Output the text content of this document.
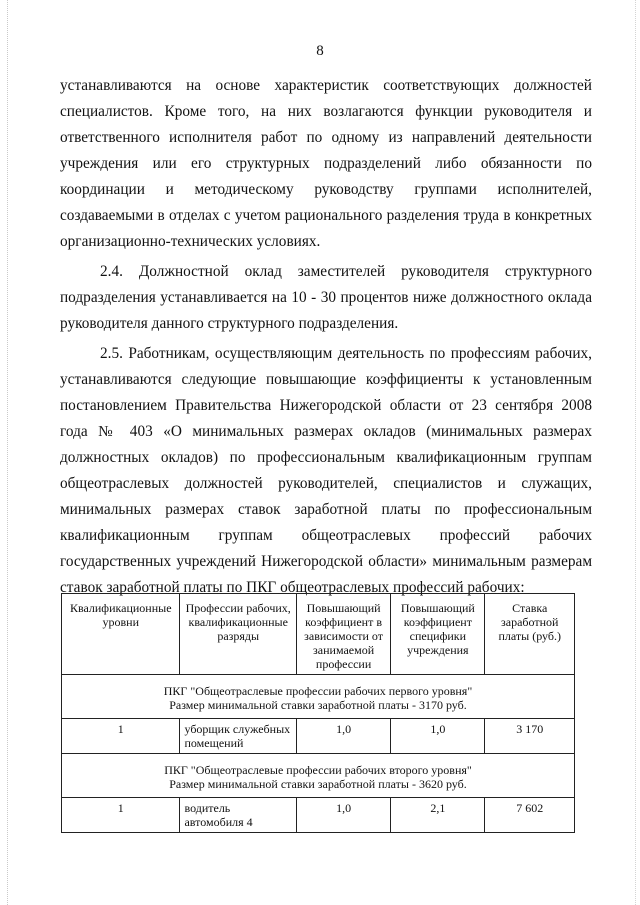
8

устанавливаются на основе характеристик соответствующих должностей специалистов. Кроме того, на них возлагаются функции руководителя и ответственного исполнителя работ по одному из направлений деятельности учреждения или его структурных подразделений либо обязанности по координации и методическому руководству группами исполнителей, создаваемыми в отделах с учетом рационального разделения труда в конкретных организационно-технических условиях.

2.4. Должностной оклад заместителей руководителя структурного подразделения устанавливается на 10 - 30 процентов ниже должностного оклада руководителя данного структурного подразделения.

2.5. Работникам, осуществляющим деятельность по профессиям рабочих, устанавливаются следующие повышающие коэффициенты к установленным постановлением Правительства Нижегородской области от 23 сентября 2008 года № 403 «О минимальных размерах окладов (минимальных размерах должностных окладов) по профессиональным квалификационным группам общеотраслевых должностей руководителей, специалистов и служащих, минимальных размерах ставок заработной платы по профессиональным квалификационным группам общеотраслевых профессий рабочих государственных учреждений Нижегородской области» минимальным размерам ставок заработной платы по ПКГ общеотраслевых профессий рабочих:

Квалификационные уровни	Профессии рабочих, квалификационные разряды	Повышающий коэффициент в зависимости от занимаемой профессии	Повышающий коэффициент специфики учреждения	Ставка заработной платы (руб.)

ПКГ "Общеотраслевые профессии рабочих первого уровня"
Размер минимальной ставки заработной платы - 3170 руб.				

1	уборщик служебных помещений	1,0	1,0	3 170

ПКГ "Общеотраслевые профессии рабочих второго уровня"
Размер минимальной ставки заработной платы - 3620 руб.				

1	водитель автомобиля 4	1,0	2,1	7 602
